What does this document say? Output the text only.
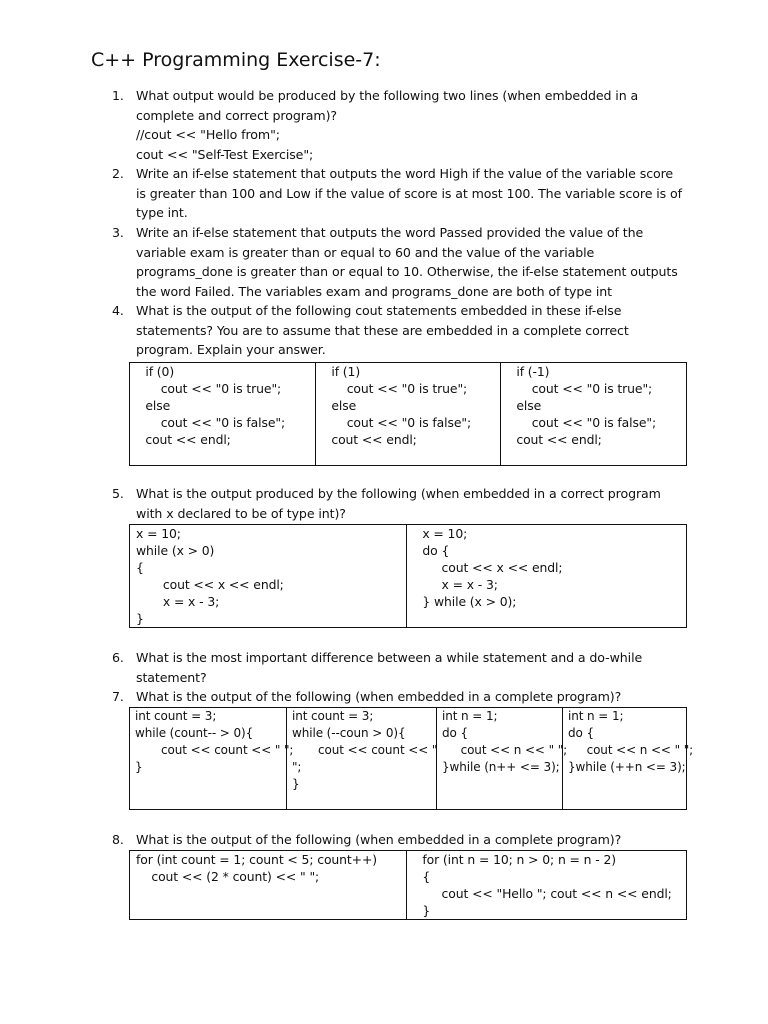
C++ Programming Exercise-7:
1. What output would be produced by the following two lines (when embedded in a
complete and correct program)?
//cout << "Hello from";
cout << "Self-Test Exercise";
2. Write an if-else statement that outputs the word High if the value of the variable score
is greater than 100 and Low if the value of score is at most 100. The variable score is of
type int.
3. Write an if-else statement that outputs the word Passed provided the value of the
variable exam is greater than or equal to 60 and the value of the variable
programs_done is greater than or equal to 10. Otherwise, the if-else statement outputs
the word Failed. The variables exam and programs_done are both of type int
4. What is the output of the following cout statements embedded in these if-else
statements? You are to assume that these are embedded in a complete correct
program. Explain your answer.
if (0)
cout << "0 is true";
else
cout << "0 is false";
cout << endl;

if (1)
cout << "0 is true";
else
cout << "0 is false";
cout << endl;

if (-1)
cout << "0 is true";
else
cout << "0 is false";
cout << endl;
5. What is the output produced by the following (when embedded in a correct program
with x declared to be of type int)?
x = 10;
while (x > 0)
{
cout << x << endl;
x = x - 3;
}

x = 10;
do {
cout << x << endl;
x = x - 3;
} while (x > 0);
6. What is the most important difference between a while statement and a do-while
statement?
7. What is the output of the following (when embedded in a complete program)?
int count = 3;
while (count-- > 0){
cout << count << " ";
}

int count = 3;
while (--coun > 0){
cout << count << "
";
}

int n = 1;
do {
cout << n << " ";
}while (n++ <= 3);

int n = 1;
do {
cout << n << " ";
}while (++n <= 3);
8. What is the output of the following (when embedded in a complete program)?
for (int count = 1; count < 5; count++)
cout << (2 * count) << " ";

for (int n = 10; n > 0; n = n - 2)
{
cout << "Hello "; cout << n << endl;
}
